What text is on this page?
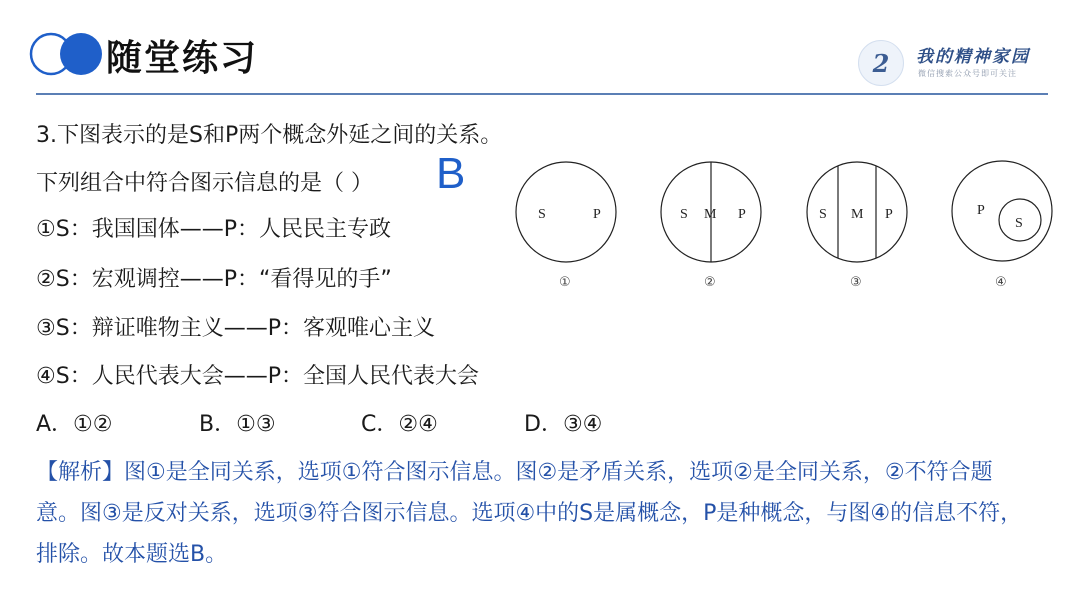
随堂练习	2 我的精神家园
微信搜索公众号即可关注
3.下图表示的是S和P两个概念外延之间的关系。
下列组合中符合图示信息的是（ ） B
①S：我国国体——P：人民民主专政
②S：宏观调控——P：“看得见的手”
③S：辩证唯物主义——P：客观唯心主义
④S：人民代表大会——P：全国人民代表大会
A．①②	B．①③	C．②④	D．③④
【解析】图①是全同关系，选项①符合图示信息。图②是矛盾关系，选项②是全同关系，②不符合题意。图③是反对关系，选项③符合图示信息。选项④中的S是属概念，P是种概念，与图④的信息不符，排除。故本题选B。
S	P
①
S M P
②
S M P
③
P
S
④
